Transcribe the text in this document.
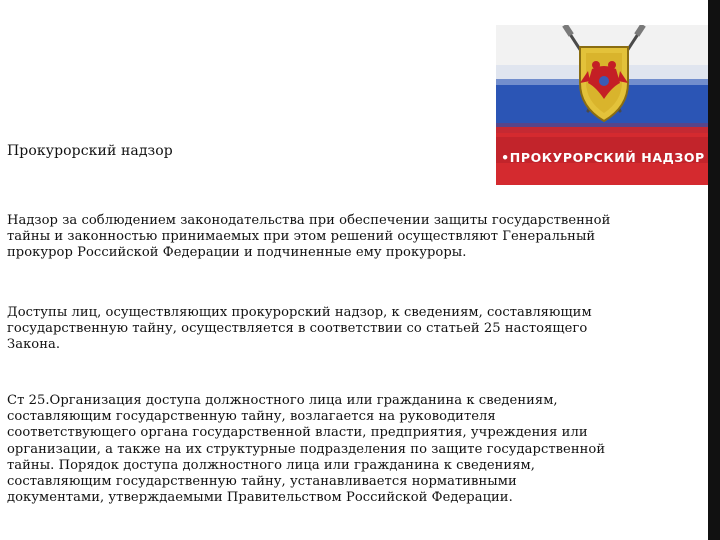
Прокурорский надзор
Надзор за соблюдением законодательства при обеспечении защиты государственной
тайны и законностью принимаемых при этом решений осуществляют Генеральный
прокурор Российской Федерации и подчиненные ему прокуроры.
Доступы лиц, осуществляющих прокурорский надзор, к сведениям, составляющим
государственную тайну, осуществляется в соответствии со статьей 25 настоящего
Закона.
Ст 25.Организация доступа должностного лица или гражданина к сведениям,
составляющим государственную тайну, возлагается на руководителя
соответствующего органа государственной власти, предприятия, учреждения или
организации, а также на их структурные подразделения по защите государственной
тайны. Порядок доступа должностного лица или гражданина к сведениям,
составляющим государственную тайну, устанавливается нормативными
документами, утверждаемыми Правительством Российской Федерации.
•ПРОКУРОРСКИЙ НАДЗОР
